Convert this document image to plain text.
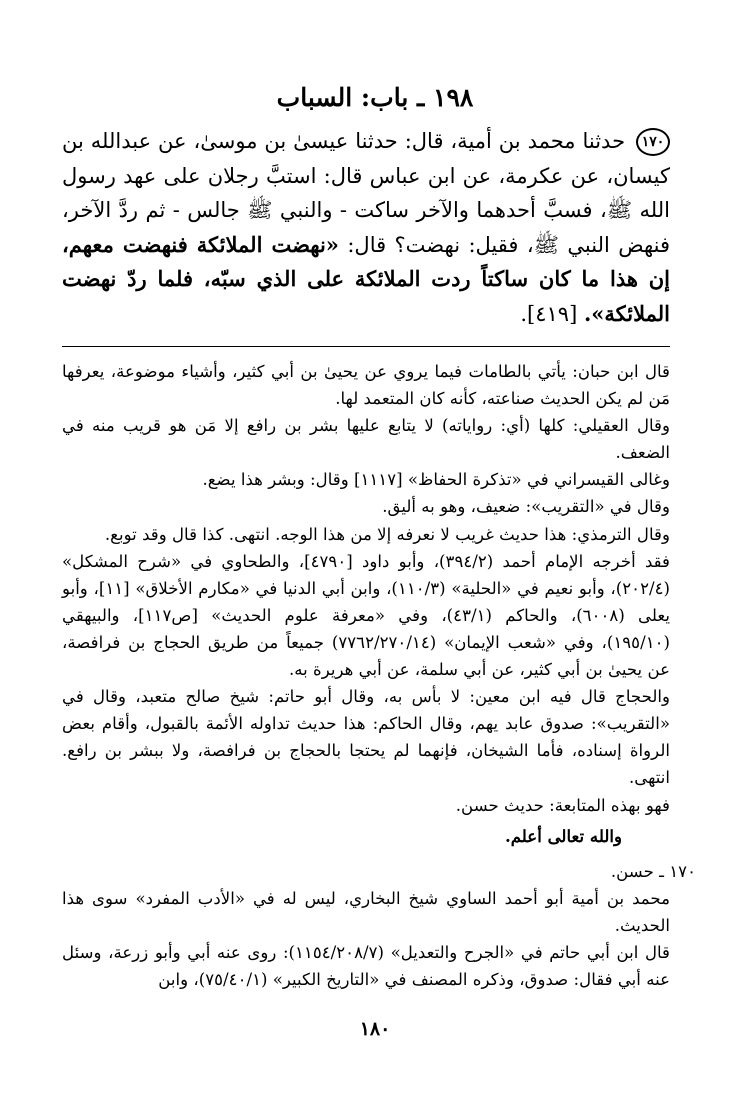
١٩٨ ـ باب: السباب
١٧٠ حدثنا محمد بن أمية، قال: حدثنا عيسىٰ بن موسىٰ، عن عبدالله بن كيسان، عن عكرمة، عن ابن عباس قال: استبَّ رجلان على عهد رسول الله ﷺ، فسبَّ أحدهما والآخر ساكت - والنبي ﷺ جالس - ثم ردَّ الآخر، فنهض النبي ﷺ، فقيل: نهضت؟ قال: «نهضت الملائكة فنهضت معهم، إن هذا ما كان ساكتاً ردت الملائكة على الذي سبّه، فلما ردّ نهضت الملائكة». [٤١٩].

قال ابن حبان: يأتي بالطامات فيما يروي عن يحيىٰ بن أبي كثير، وأشياء موضوعة، يعرفها مَن لم يكن الحديث صناعته، كأنه كان المتعمد لها.

وقال العقيلي: كلها (أي: رواياته) لا يتابع عليها بشر بن رافع إلا مَن هو قريب منه في الضعف.

وغالى القيسراني في «تذكرة الحفاظ» [١١١٧] وقال: وبشر هذا يضع.

وقال في «التقريب»: ضعيف، وهو به أليق.

وقال الترمذي: هذا حديث غريب لا نعرفه إلا من هذا الوجه. انتهى. كذا قال وقد توبع.

فقد أخرجه الإمام أحمد (٣٩٤/٢)، وأبو داود [٤٧٩٠]، والطحاوي في «شرح المشكل» (٢٠٢/٤)، وأبو نعيم في «الحلية» (١١٠/٣)، وابن أبي الدنيا في «مكارم الأخلاق» [١١]، وأبو يعلى (٦٠٠٨)، والحاكم (٤٣/١)، وفي «معرفة علوم الحديث» [ص١١٧]، والبيهقي (١٩٥/١٠)، وفي «شعب الإيمان» (٧٧٦٢/٢٧٠/١٤) جميعاً من طريق الحجاج بن فرافصة، عن يحيىٰ بن أبي كثير، عن أبي سلمة، عن أبي هريرة به.

والحجاج قال فيه ابن معين: لا بأس به، وقال أبو حاتم: شيخ صالح متعبد، وقال في «التقريب»: صدوق عابد يهم، وقال الحاكم: هذا حديث تداوله الأئمة بالقبول، وأقام بعض الرواة إسناده، فأما الشيخان، فإنهما لم يحتجا بالحجاج بن فرافصة، ولا ببشر بن رافع. انتهى.

فهو بهذه المتابعة: حديث حسن.

والله تعالى أعلم.

١٧٠ ـ حسن.

محمد بن أمية أبو أحمد الساوي شيخ البخاري، ليس له في «الأدب المفرد» سوى هذا الحديث.

قال ابن أبي حاتم في «الجرح والتعديل» (١١٥٤/٢٠٨/٧): روى عنه أبي وأبو زرعة، وسئل عنه أبي فقال: صدوق، وذكره المصنف في «التاريخ الكبير» (٧٥/٤٠/١)، وابن

١٨٠
